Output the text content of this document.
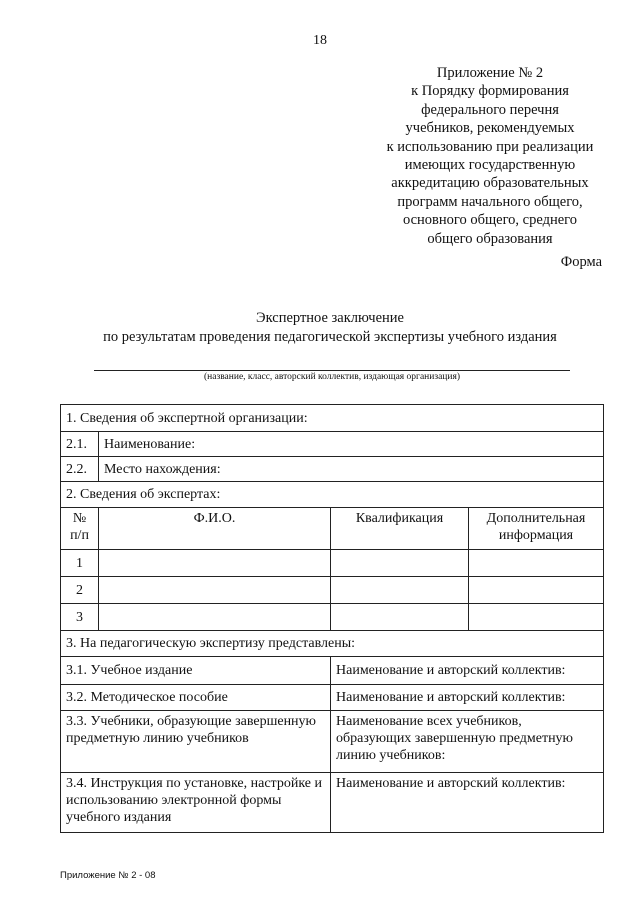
18
Приложение № 2
к Порядку формирования
федерального перечня
учебников, рекомендуемых
к использованию при реализации
имеющих государственную
аккредитацию образовательных
программ начального общего,
основного общего, среднего
общего образования
Форма
Экспертное заключение
по результатам проведения педагогической экспертизы учебного издания
(название, класс, авторский коллектив, издающая организация)
1. Сведения об экспертной организации:			
2.1.	Наименование:		
2.2.	Место нахождения:		
2. Сведения об экспертах:			
№ п/п	Ф.И.О.	Квалификация	Дополнительная информация
1			
2			
3			
3. На педагогическую экспертизу представлены:			
3.1. Учебное издание		Наименование и авторский коллектив:	
3.2. Методическое пособие		Наименование и авторский коллектив:	
3.3. Учебники, образующие завершенную предметную линию учебников		Наименование всех учебников, образующих завершенную предметную линию учебников:	
3.4. Инструкция по установке, настройке и использованию электронной формы учебного издания		Наименование и авторский коллектив:	
Приложение № 2 - 08
